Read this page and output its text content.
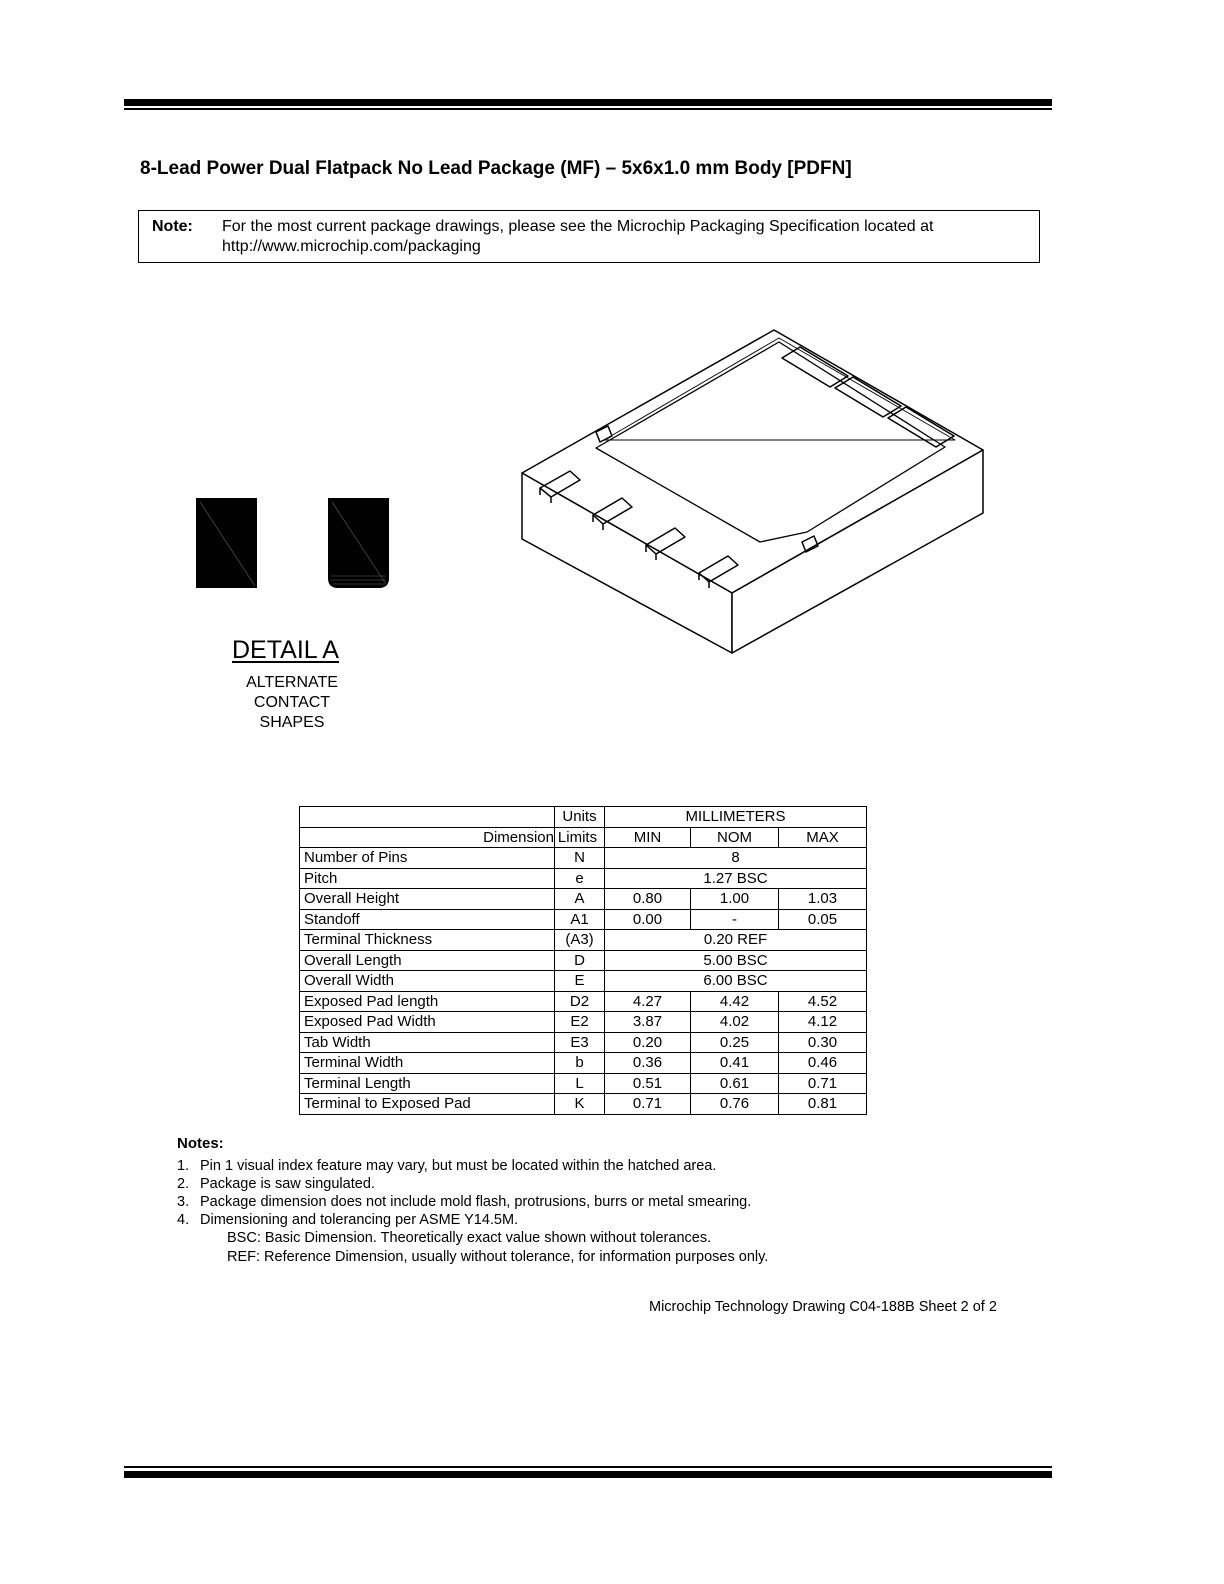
8-Lead Power Dual Flatpack No Lead Package (MF) – 5x6x1.0 mm Body [PDFN]
Note: For the most current package drawings, please see the Microchip Packaging Specification located at
http://www.microchip.com/packaging
DETAIL A
ALTERNATE
CONTACT
SHAPES
	Units	MILLIMETERS		
Dimension	Limits	MIN	NOM	MAX
Number of Pins	N	8		
Pitch	e	1.27 BSC		
Overall Height	A	0.80	1.00	1.03
Standoff	A1	0.00	-	0.05
Terminal Thickness	(A3)	0.20 REF		
Overall Length	D	5.00 BSC		
Overall Width	E	6.00 BSC		
Exposed Pad length	D2	4.27	4.42	4.52
Exposed Pad Width	E2	3.87	4.02	4.12
Tab Width	E3	0.20	0.25	0.30
Terminal Width	b	0.36	0.41	0.46
Terminal Length	L	0.51	0.61	0.71
Terminal to Exposed Pad	K	0.71	0.76	0.81
Notes:
1. Pin 1 visual index feature may vary, but must be located within the hatched area.
2. Package is saw singulated.
3. Package dimension does not include mold flash, protrusions, burrs or metal smearing.
4. Dimensioning and tolerancing per ASME Y14.5M.
BSC: Basic Dimension. Theoretically exact value shown without tolerances.
REF: Reference Dimension, usually without tolerance, for information purposes only.
Microchip Technology Drawing C04-188B Sheet 2 of 2
